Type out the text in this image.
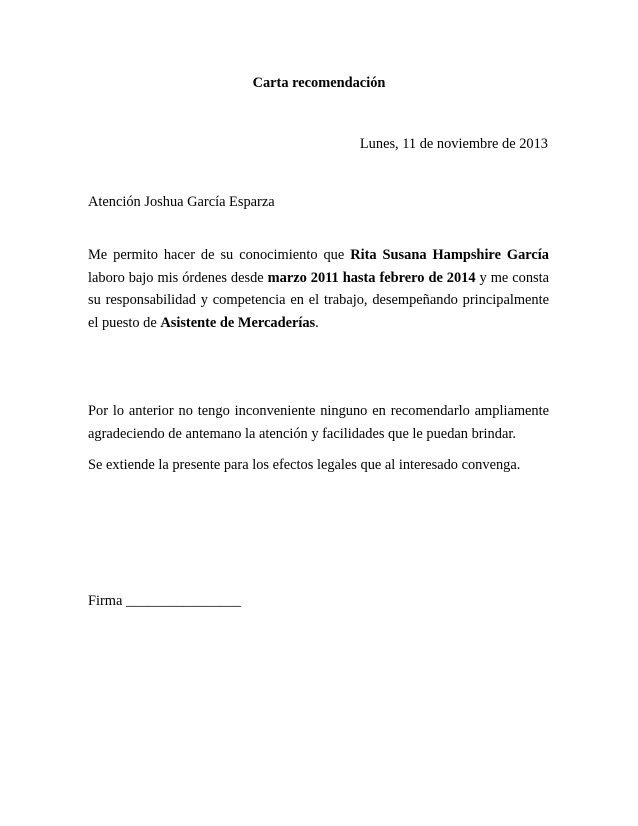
Carta recomendación
Lunes, 11 de noviembre de 2013
Atención Joshua García Esparza
Me permito hacer de su conocimiento que Rita Susana Hampshire García laboro bajo mis órdenes desde marzo 2011 hasta febrero de 2014 y me consta su responsabilidad y competencia en el trabajo, desempeñando principalmente el puesto de Asistente de Mercaderías.
Por lo anterior no tengo inconveniente ninguno en recomendarlo ampliamente agradeciendo de antemano la atención y facilidades que le puedan brindar.
Se extiende la presente para los efectos legales que al interesado convenga.
Firma ________________
